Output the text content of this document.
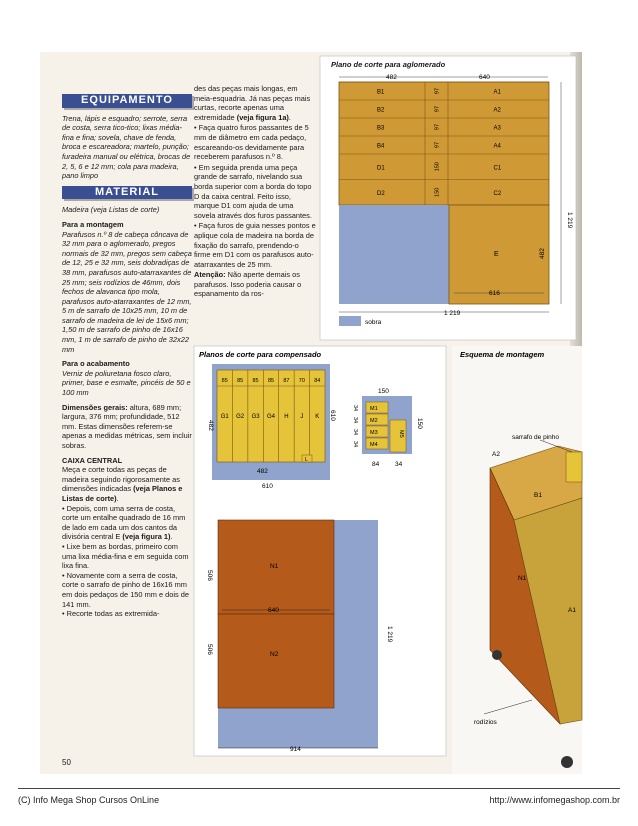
EQUIPAMENTO

Trena, lápis e esquadro; serrote, serra de costa, serra tico-tico; lixas média-fina e fina; sovela, chave de fenda, broca e escareadora; martelo, punção; furadeira manual ou elétrica, brocas de 2, 5, 6 e 12 mm; cola para madeira, pano limpo

MATERIAL

Madeira (veja Listas de corte)

Para a montagem

Parafusos n.º 8 de cabeça côncava de 32 mm para o aglomerado, pregos normais de 32 mm, pregos sem cabeça de 12, 25 e 32 mm, seis dobradiças de 38 mm, parafusos auto-atarraxantes de 25 mm; seis rodízios de 46mm, dois fechos de alavanca tipo mola, parafusos auto-atarraxantes de 12 mm, 5 m de sarrafo de 10x25 mm, 10 m de sarrafo de madeira de lei de 15x6 mm; 1,50 m de sarrafo de pinho de 16x16 mm, 1 m de sarrafo de pinho de 32x22 mm

Para o acabamento

Verniz de poliuretana fosco claro, primer, base e esmalte, pincéis de 50 e 100 mm

Dimensões gerais: altura, 689 mm; largura, 376 mm; profundidade, 512 mm. Estas dimensões referem-se apenas a medidas métricas, sem incluir sobras.

CAIXA CENTRAL
Meça e corte todas as peças de madeira seguindo rigorosamente as dimensões indicadas (veja Planos e Listas de corte).
• Depois, com uma serra de costa, corte um entalhe quadrado de 16 mm de lado em cada um dos cantos da divisória central E (veja figura 1).
• Lixe bem as bordas, primeiro com uma lixa média-fina e em seguida com lixa fina.
• Novamente com a serra de costa, corte o sarrafo de pinho de 16x16 mm em dois pedaços de 150 mm e dois de 141 mm.
• Recorte todas as extremida-
des das peças mais longas, em meia-esquadria. Já nas peças mais curtas, recorte apenas uma extremidade (veja figura 1a).
• Faça quatro furos passantes de 5 mm de diâmetro em cada pedaço, escareando-os devidamente para receberem parafusos n.º 8.
• Em seguida prenda uma peça grande de sarrafo, nivelando sua borda superior com a borda do topo D da caixa central. Feito isso, marque D1 com ajuda de uma sovela através dos furos passantes.
• Faça furos de guia nesses pontos e aplique cola de madeira na borda de fixação do sarrafo, prendendo-o firme em D1 com os parafusos auto-atarraxantes de 25 mm.
Atenção: Não aperte demais os parafusos. Isso poderia causar o espanamento da ros-
50
Plano de corte para aglomerado
482	640
B1	A1
97
B2	A2
97
B3	A3
97
B4	A4
97
D1	C1
150
D2	C2
150
E	482
616
1 219
1 219
sobra
Planos de corte para compensado
85
G1
85
G2
85
G3
85
G4
87
H
70
J
84
K
L
482
610
482
610
M1
34
M2
34
M3
34
M4
34
M5
150
150
84 34
N1
N2
506
506
640
914
1 219
Esquema de montagem
sarrafo de pinho
A2
B1
N1
A1
rodízios
(C) Info Mega Shop Cursos OnLine	http://www.infomegashop.com.br
